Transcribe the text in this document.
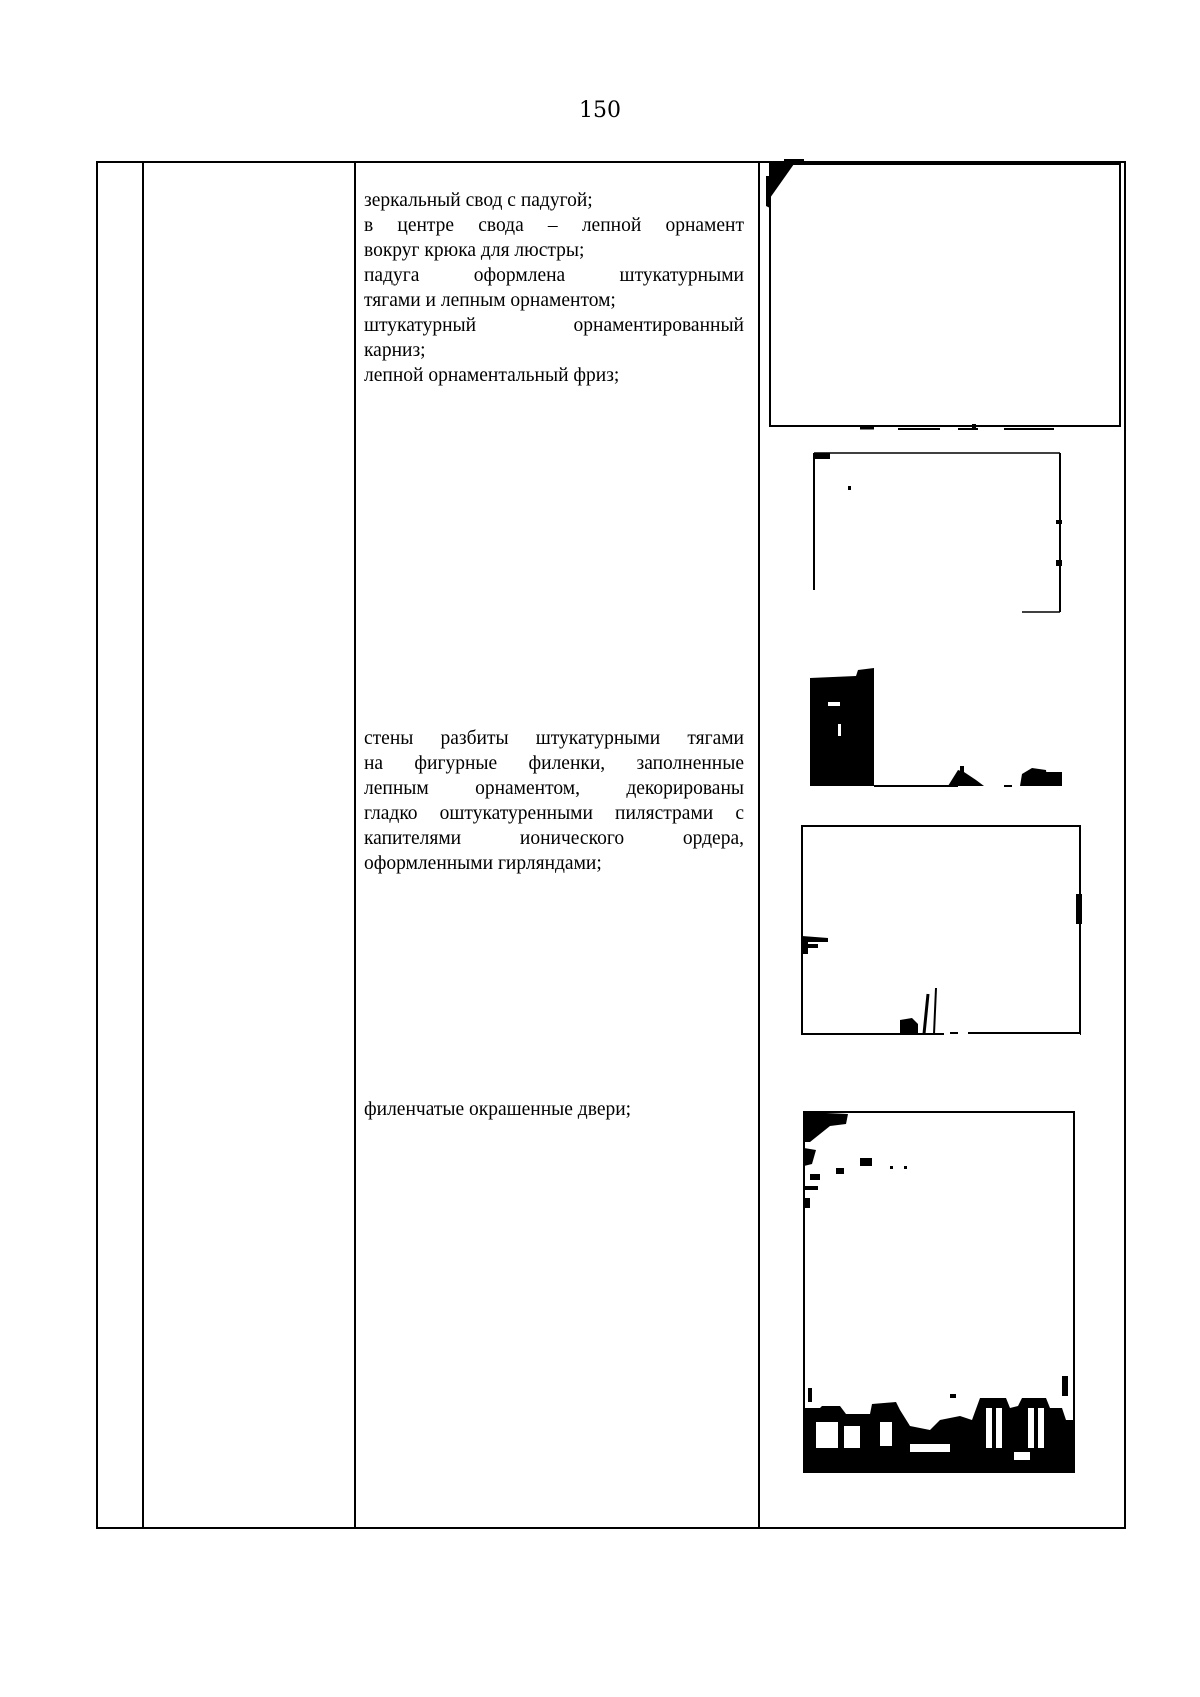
150
зеркальный свод с падугой;
в центре свода – лепной орнамент
вокруг крюка для люстры;
падуга оформлена штукатурными
тягами и лепным орнаментом;
штукатурный орнаментированный
карниз;
лепной орнаментальный фриз;
стены разбиты штукатурными тягами
на фигурные филенки, заполненные
лепным орнаментом, декорированы
гладко оштукатуренными пилястрами с
капителями ионического ордера,
оформленными гирляндами;
филенчатые окрашенные двери;
